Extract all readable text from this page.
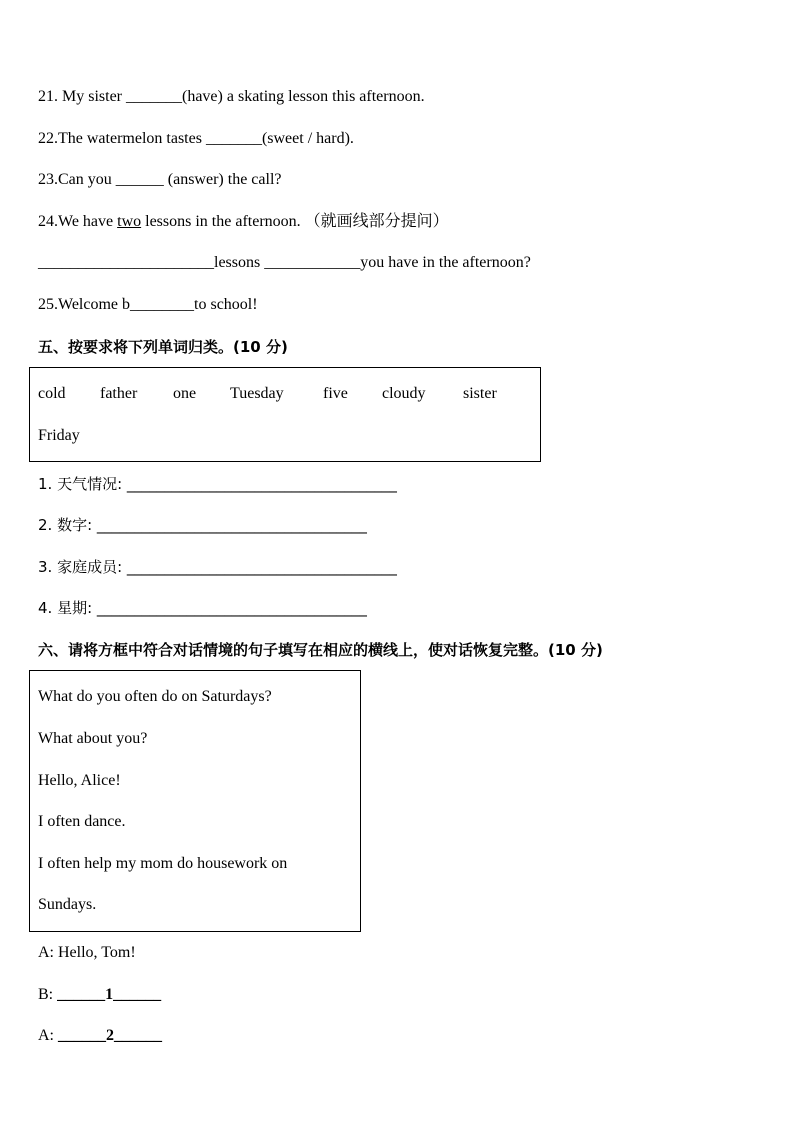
21. My sister _______(have) a skating lesson this afternoon.
22.The watermelon tastes _______(sweet / hard).
23.Can you ______ (answer) the call?
24.We have two lessons in the afternoon. （就画线部分提问）
______________________lessons ____________you have in the afternoon?
25.Welcome b________to school!
五、按要求将下列单词归类。(10 分)
cold father one Tuesday five cloudy sister
Friday
1. 天气情况: ____________________________________
2. 数字: ____________________________________
3. 家庭成员: ____________________________________
4. 星期: ____________________________________
六、请将方框中符合对话情境的句子填写在相应的横线上，使对话恢复完整。(10 分)
What do you often do on Saturdays?
What about you?
Hello, Alice!
I often dance.
I often help my mom do housework on
Sundays.
A: Hello, Tom!
B: ______1______
A: ______2______
